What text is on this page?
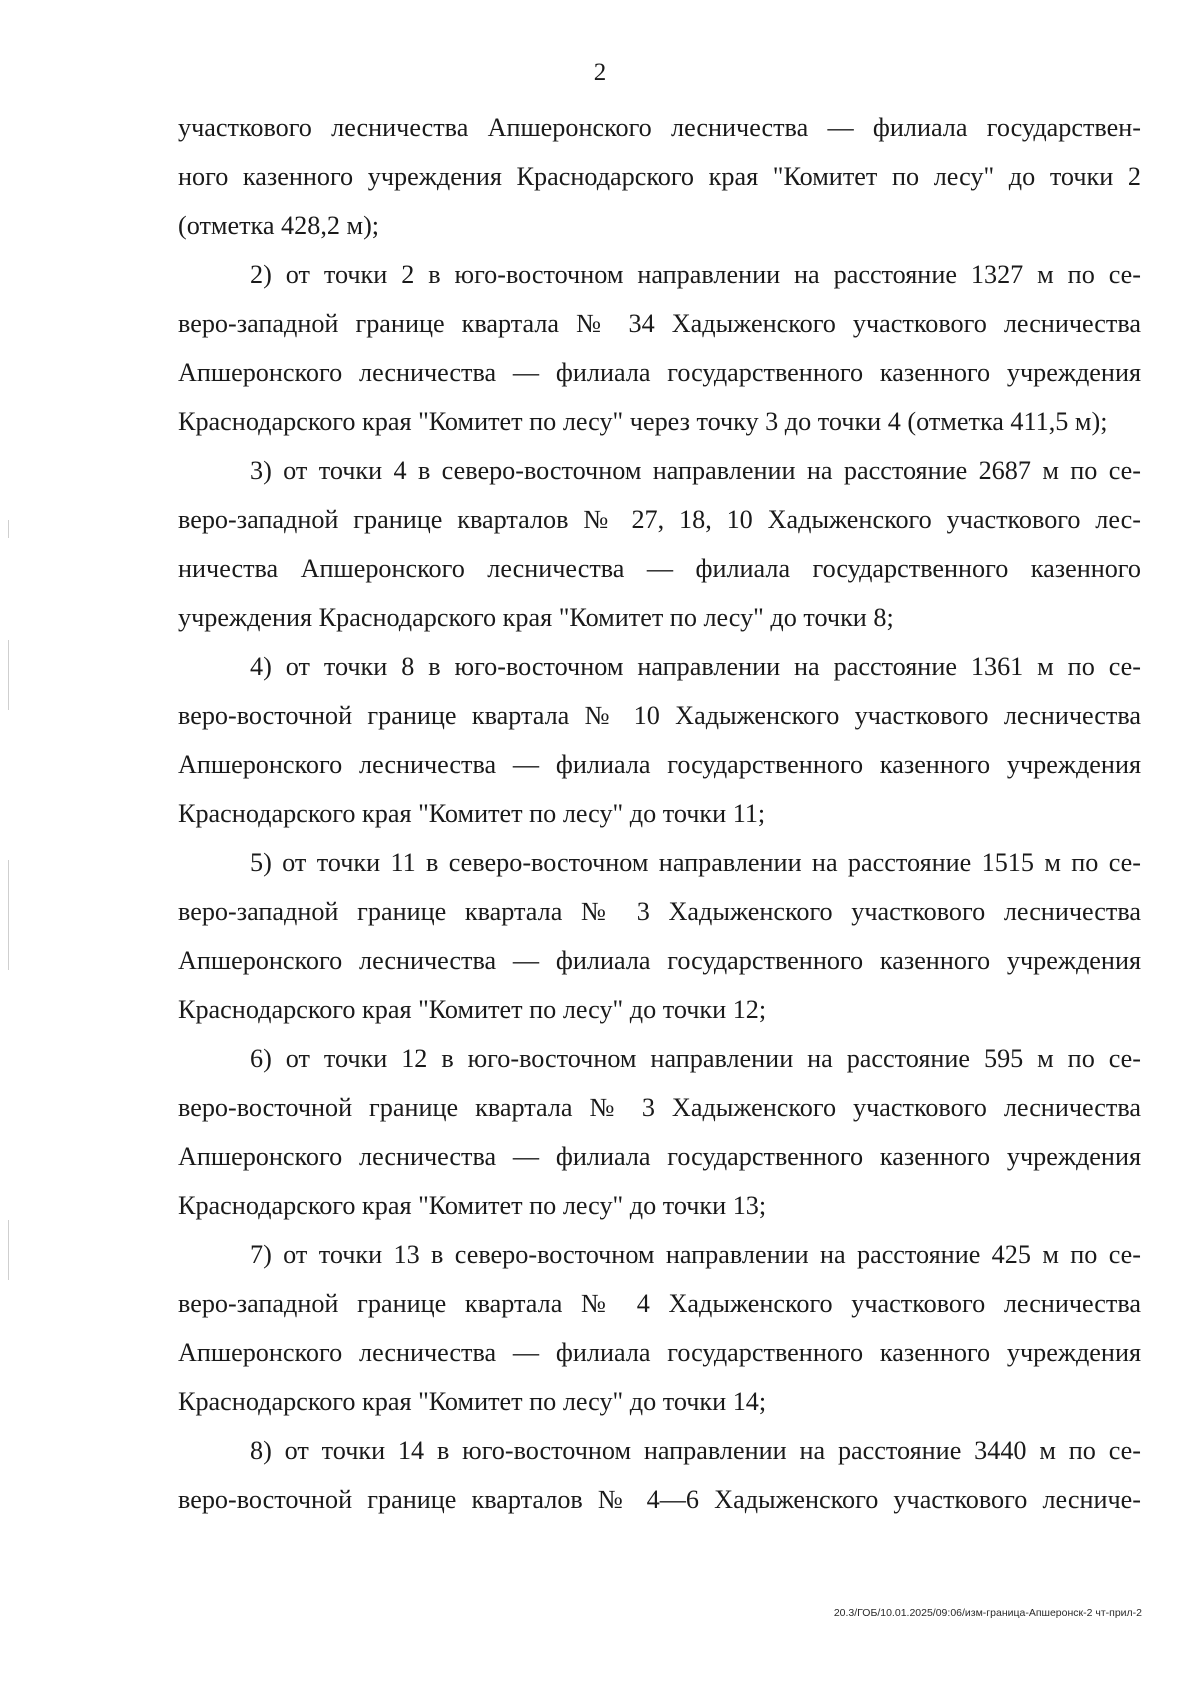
2
участкового лесничества Апшеронского лесничества — филиала государствен-
ного казенного учреждения Краснодарского края "Комитет по лесу" до точки 2
(отметка 428,2 м);
2) от точки 2 в юго-восточном направлении на расстояние 1327 м по се-
веро-западной границе квартала № 34 Хадыженского участкового лесничества
Апшеронского лесничества — филиала государственного казенного учреждения
Краснодарского края "Комитет по лесу" через точку 3 до точки 4 (отметка 411,5 м);
3) от точки 4 в северо-восточном направлении на расстояние 2687 м по се-
веро-западной границе кварталов № 27, 18, 10 Хадыженского участкового лес-
ничества Апшеронского лесничества — филиала государственного казенного
учреждения Краснодарского края "Комитет по лесу" до точки 8;
4) от точки 8 в юго-восточном направлении на расстояние 1361 м по се-
веро-восточной границе квартала № 10 Хадыженского участкового лесничества
Апшеронского лесничества — филиала государственного казенного учреждения
Краснодарского края "Комитет по лесу" до точки 11;
5) от точки 11 в северо-восточном направлении на расстояние 1515 м по се-
веро-западной границе квартала № 3 Хадыженского участкового лесничества
Апшеронского лесничества — филиала государственного казенного учреждения
Краснодарского края "Комитет по лесу" до точки 12;
6) от точки 12 в юго-восточном направлении на расстояние 595 м по се-
веро-восточной границе квартала № 3 Хадыженского участкового лесничества
Апшеронского лесничества — филиала государственного казенного учреждения
Краснодарского края "Комитет по лесу" до точки 13;
7) от точки 13 в северо-восточном направлении на расстояние 425 м по се-
веро-западной границе квартала № 4 Хадыженского участкового лесничества
Апшеронского лесничества — филиала государственного казенного учреждения
Краснодарского края "Комитет по лесу" до точки 14;
8) от точки 14 в юго-восточном направлении на расстояние 3440 м по се-
веро-восточной границе кварталов № 4—6 Хадыженского участкового лесниче-
20.3/ГОБ/10.01.2025/09:06/изм-граница-Апшеронск-2 чт-прил-2
